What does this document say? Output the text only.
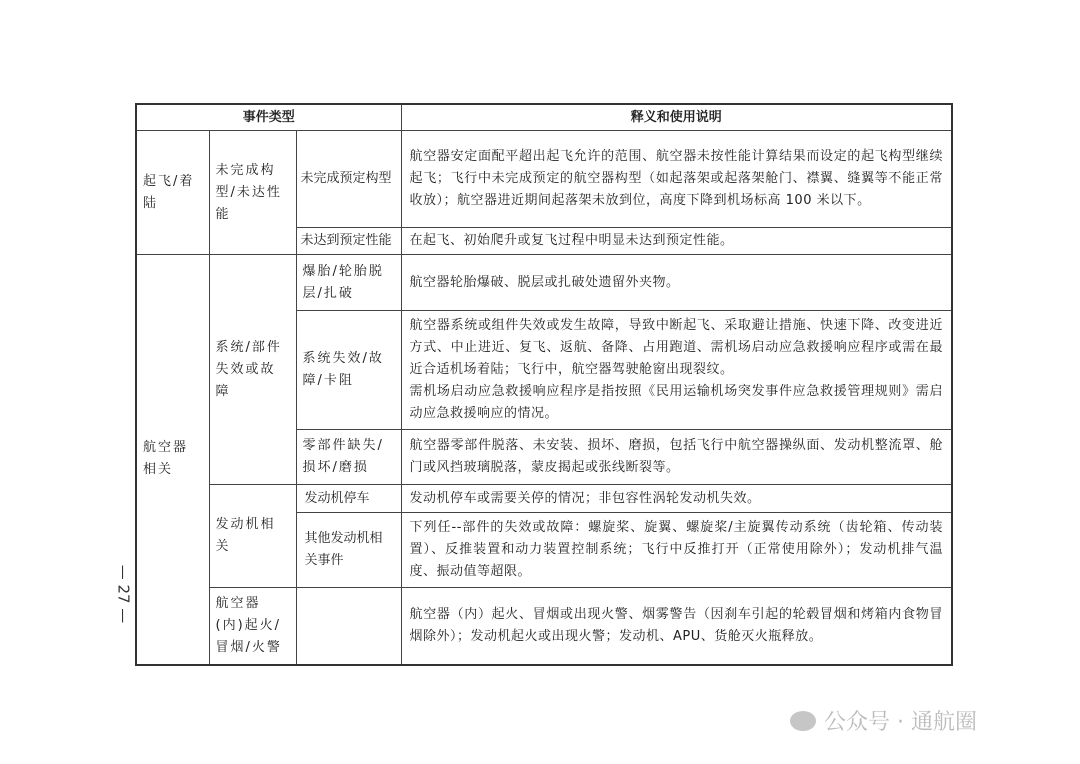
事件类型			释义和使用说明
起飞/着陆	未完成构型/未达性能	未完成预定构型	航空器安定面配平超出起飞允许的范围、航空器未按性能计算结果而设定的起飞构型继续起飞；飞行中未完成预定的航空器构型（如起落架或起落架舱门、襟翼、缝翼等不能正常收放）；航空器进近期间起落架未放到位，高度下降到机场标高 100 米以下。
		未达到预定性能	在起飞、初始爬升或复飞过程中明显未达到预定性能。
航空器相关	系统/部件失效或故障	爆胎/轮胎脱层/扎破	航空器轮胎爆破、脱层或扎破处遗留外夹物。
		系统失效/故障/卡阻	航空器系统或组件失效或发生故障，导致中断起飞、采取避让措施、快速下降、改变进近方式、中止进近、复飞、返航、备降、占用跑道、需机场启动应急救援响应程序或需在最近合适机场着陆；飞行中，航空器驾驶舱窗出现裂纹。
需机场启动应急救援响应程序是指按照《民用运输机场突发事件应急救援管理规则》需启动应急救援响应的情况。

		零部件缺失/损坏/磨损	航空器零部件脱落、未安装、损坏、磨损，包括飞行中航空器操纵面、发动机整流罩、舱门或风挡玻璃脱落，蒙皮揭起或张线断裂等。
	发动机相关	发动机停车	发动机停车或需要关停的情况；非包容性涡轮发动机失效。
		其他发动机相关事件	下列任--部件的失效或故障：螺旋桨、旋翼、螺旋桨/主旋翼传动系统（齿轮箱、传动装置）、反推装置和动力装置控制系统；飞行中反推打开（正常使用除外）；发动机排气温度、振动值等超限。
	航空器(内)起火/冒烟/火警		航空器（内）起火、冒烟或出现火警、烟雾警告（因刹车引起的轮毂冒烟和烤箱内食物冒烟除外）；发动机起火或出现火警；发动机、APU、货舱灭火瓶释放。
— 27 —
公众号 · 通航圈
